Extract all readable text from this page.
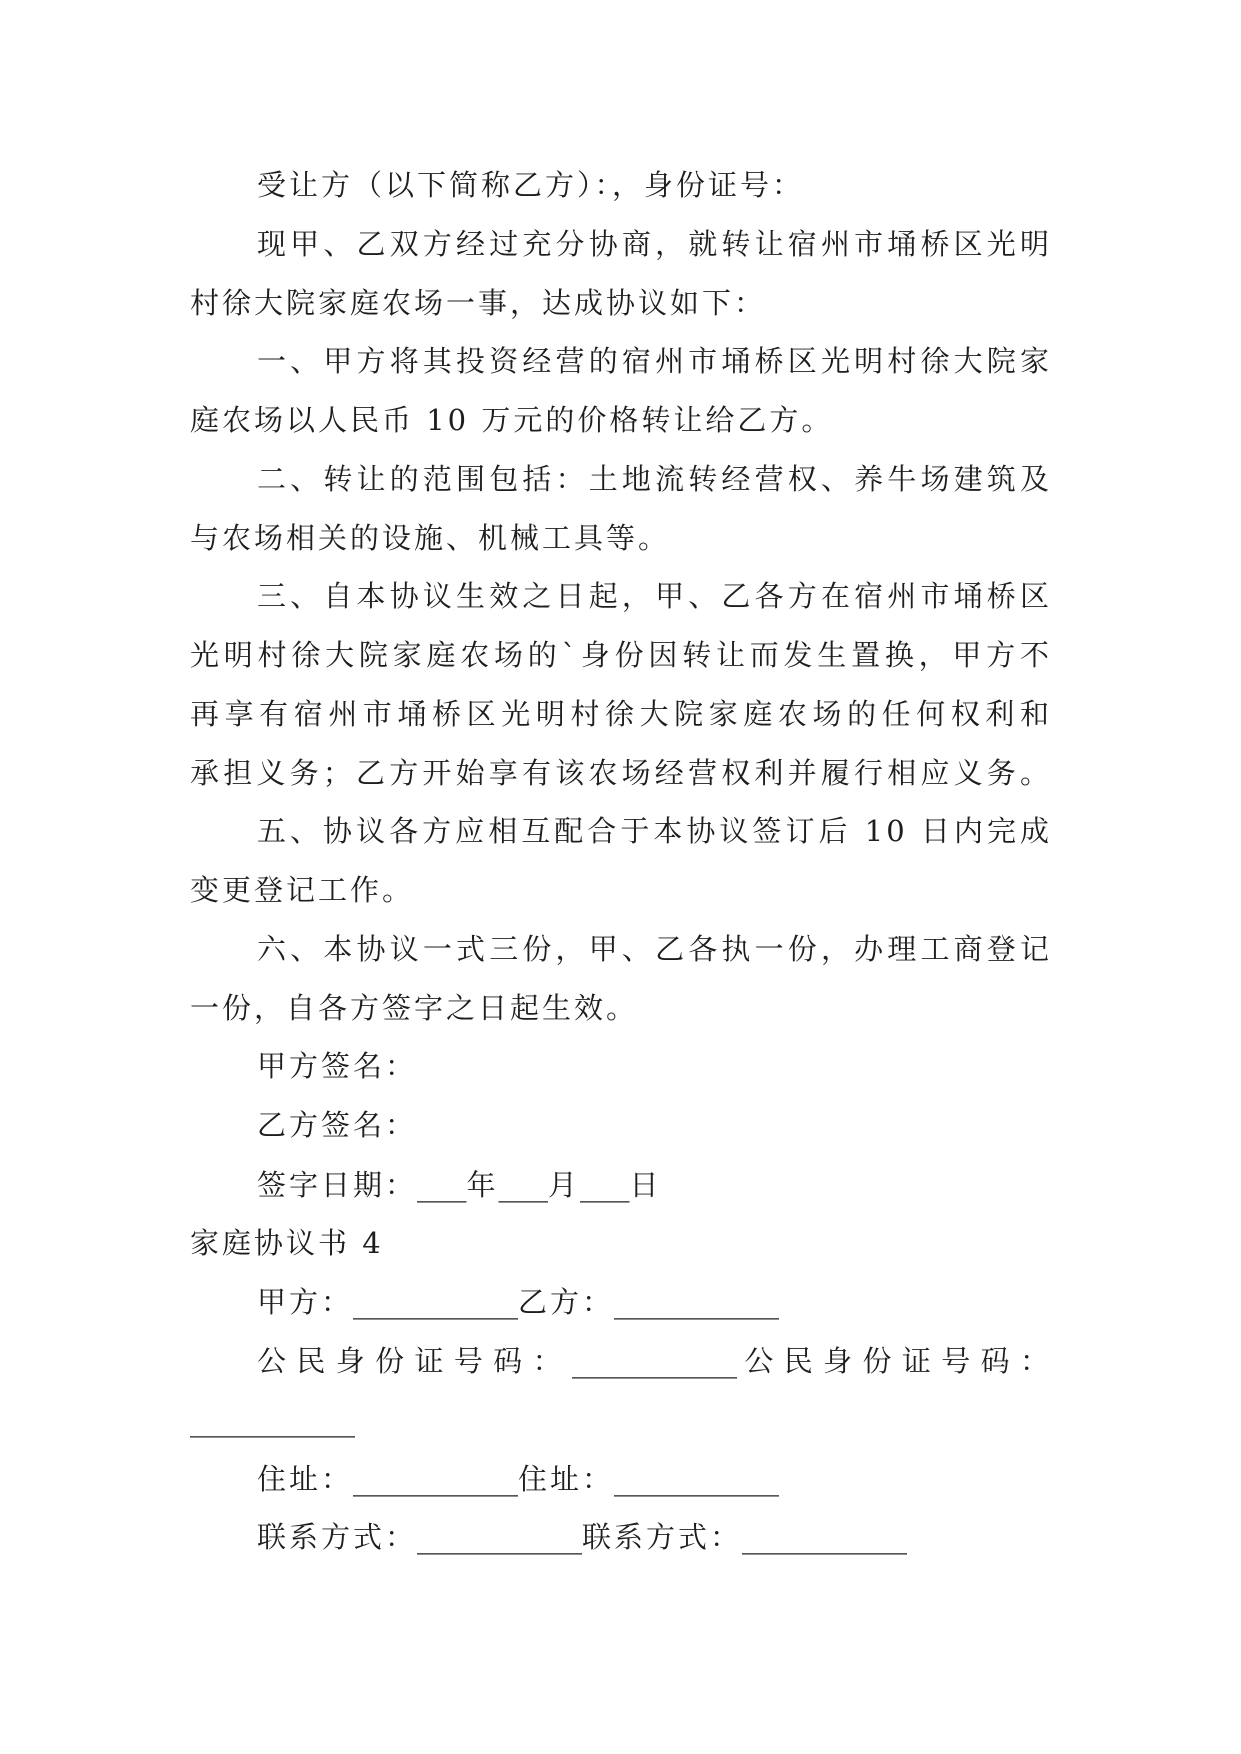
受让方（以下简称乙方）：，身份证号：
现甲、乙双方经过充分协商，就转让宿州市埇桥区光明
村徐大院家庭农场一事，达成协议如下：
一、甲方将其投资经营的宿州市埇桥区光明村徐大院家
庭农场以人民币 10 万元的价格转让给乙方。
二、转让的范围包括：土地流转经营权、养牛场建筑及
与农场相关的设施、机械工具等。
三、自本协议生效之日起，甲、乙各方在宿州市埇桥区
光明村徐大院家庭农场的`身份因转让而发生置换，甲方不
再享有宿州市埇桥区光明村徐大院家庭农场的任何权利和
承担义务；乙方开始享有该农场经营权利并履行相应义务。
五、协议各方应相互配合于本协议签订后 10 日内完成
变更登记工作。
六、本协议一式三份，甲、乙各执一份，办理工商登记
一份，自各方签字之日起生效。
甲方签名：
乙方签名：
签字日期：___年___月___日
家庭协议书 4
甲方：__________乙方：__________
公民身份证号码：__________公民身份证号码：
__________
住址：__________住址：__________
联系方式：__________联系方式：__________
